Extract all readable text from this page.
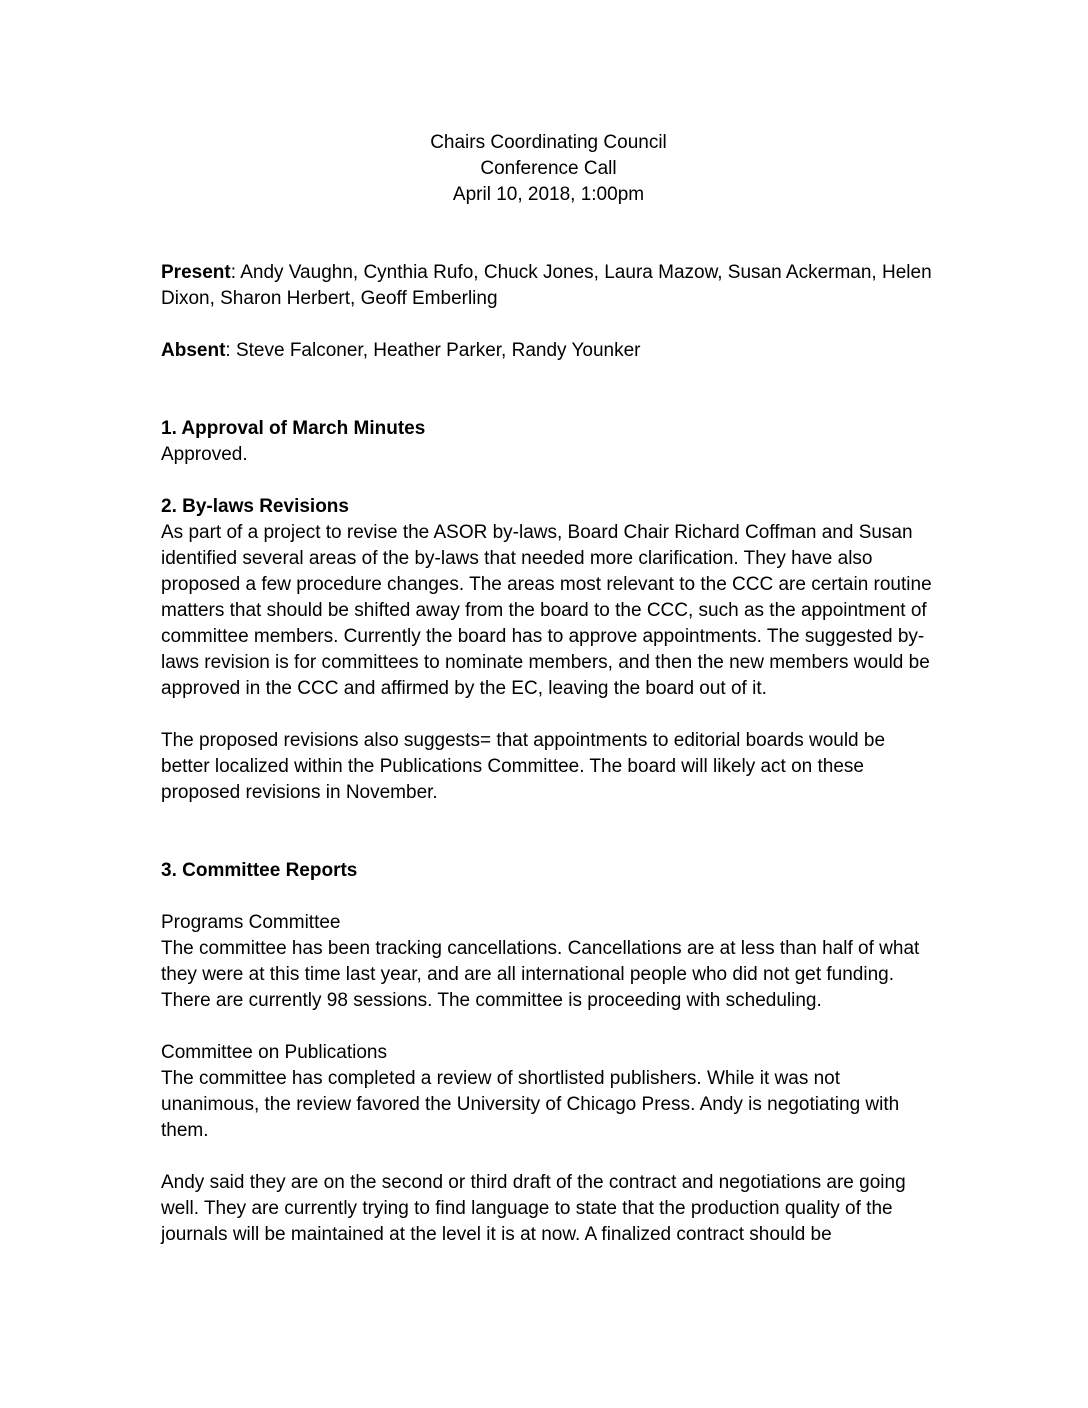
Chairs Coordinating Council
Conference Call
April 10, 2018, 1:00pm

Present: Andy Vaughn, Cynthia Rufo, Chuck Jones, Laura Mazow, Susan Ackerman, Helen Dixon, Sharon Herbert, Geoff Emberling

Absent: Steve Falconer, Heather Parker, Randy Younker

1. Approval of March Minutes

Approved.

2. By-laws Revisions

As part of a project to revise the ASOR by-laws, Board Chair Richard Coffman and Susan identified several areas of the by-laws that needed more clarification. They have also proposed a few procedure changes. The areas most relevant to the CCC are certain routine matters that should be shifted away from the board to the CCC, such as the appointment of committee members. Currently the board has to approve appointments. The suggested by-laws revision is for committees to nominate members, and then the new members would be approved in the CCC and affirmed by the EC, leaving the board out of it.

The proposed revisions also suggests= that appointments to editorial boards would be better localized within the Publications Committee. The board will likely act on these proposed revisions in November.

3. Committee Reports

Programs Committee

The committee has been tracking cancellations. Cancellations are at less than half of what they were at this time last year, and are all international people who did not get funding. There are currently 98 sessions. The committee is proceeding with scheduling.

Committee on Publications

The committee has completed a review of shortlisted publishers. While it was not unanimous, the review favored the University of Chicago Press. Andy is negotiating with them.

Andy said they are on the second or third draft of the contract and negotiations are going well. They are currently trying to find language to state that the production quality of the journals will be maintained at the level it is at now. A finalized contract should be
